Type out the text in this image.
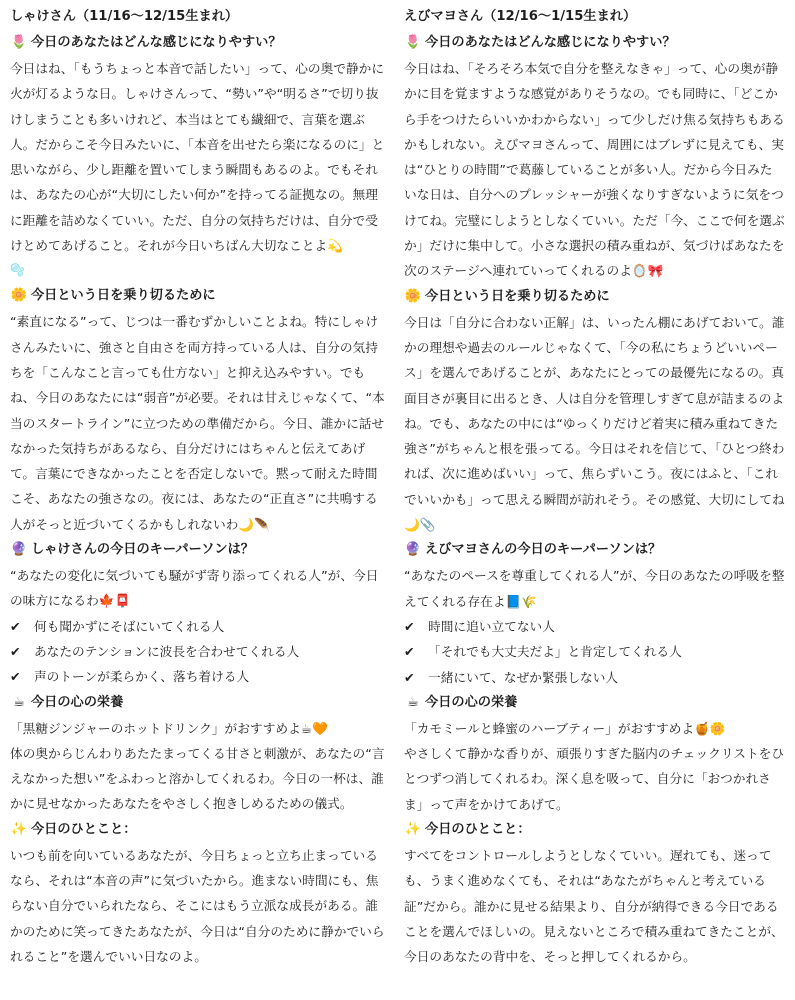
しゃけさん（11/16〜12/15生まれ）
🌷 今日のあなたはどんな感じになりやすい？

今日はね、「もうちょっと本音で話したい」って、心の奥で静かに火が灯るような日。しゃけさんって、“勢い”や“明るさ”で切り抜けしまうことも多いけれど、本当はとても繊細で、言葉を選ぶ人。だからこそ今日みたいに、「本音を出せたら楽になるのに」と思いながら、少し距離を置いてしまう瞬間もあるのよ。でもそれは、あなたの心が“大切にしたい何か”を持ってる証拠なの。無理に距離を詰めなくていい。ただ、自分の気持ちだけは、自分で受けとめてあげること。それが今日いちばん大切なことよ💫

🫧
🌼 今日という日を乗り切るために

“素直になる”って、じつは一番むずかしいことよね。特にしゃけさんみたいに、強さと自由さを両方持っている人は、自分の気持ちを「こんなこと言っても仕方ない」と抑え込みやすい。でもね、今日のあなたには“弱音”が必要。それは甘えじゃなくて、“本当のスタートライン”に立つための準備だから。今日、誰かに話せなかった気持ちがあるなら、自分だけにはちゃんと伝えてあげて。言葉にできなかったことを否定しないで。黙って耐えた時間こそ、あなたの強さなの。夜には、あなたの“正直さ”に共鳴する人がそっと近づいてくるかもしれないわ🌙🪶

🔮 しゃけさんの今日のキーパーソンは？

“あなたの変化に気づいても騒がず寄り添ってくれる人”が、今日の味方になるわ🍁📮

✔	何も聞かずにそばにいてくれる人
✔	あなたのテンションに波長を合わせてくれる人
✔	声のトーンが柔らかく、落ち着ける人
☕ 今日の心の栄養

「黒糖ジンジャーのホットドリンク」がおすすめよ☕🧡
体の奥からじんわりあたたまってくる甘さと刺激が、あなたの“言えなかった想い”をふわっと溶かしてくれるわ。今日の一杯は、誰かに見せなかったあなたをやさしく抱きしめるための儀式。

✨ 今日のひとこと：

いつも前を向いているあなたが、今日ちょっと立ち止まっているなら、それは“本音の声”に気づいたから。進まない時間にも、焦らない自分でいられたなら、そこにはもう立派な成長がある。誰かのために笑ってきたあなたが、今日は“自分のために静かでいられること”を選んでいい日なのよ。

えびマヨさん（12/16〜1/15生まれ）
🌷 今日のあなたはどんな感じになりやすい？

今日はね、「そろそろ本気で自分を整えなきゃ」って、心の奥が静かに目を覚ますような感覚がありそうなの。でも同時に、「どこから手をつけたらいいかわからない」って少しだけ焦る気持ちもあるかもしれない。えびマヨさんって、周囲にはブレずに見えても、実は“ひとりの時間”で葛藤していることが多い人。だから今日みたいな日は、自分へのプレッシャーが強くなりすぎないように気をつけてね。完璧にしようとしなくていい。ただ「今、ここで何を選ぶか」だけに集中して。小さな選択の積み重ねが、気づけばあなたを次のステージへ連れていってくれるのよ🪞🎀

🌼 今日という日を乗り切るために

今日は「自分に合わない正解」は、いったん棚にあげておいて。誰かの理想や過去のルールじゃなくて、「今の私にちょうどいいペース」を選んであげることが、あなたにとっての最優先になるの。真面目さが裏目に出るとき、人は自分を管理しすぎて息が詰まるのよね。でも、あなたの中には“ゆっくりだけど着実に積み重ねてきた強さ”がちゃんと根を張ってる。今日はそれを信じて、「ひとつ終われば、次に進めばいい」って、焦らずいこう。夜にはふと、「これでいいかも」って思える瞬間が訪れそう。その感覚、大切にしてね🌙📎

🔮 えびマヨさんの今日のキーパーソンは？

“あなたのペースを尊重してくれる人”が、今日のあなたの呼吸を整えてくれる存在よ📘🌾

✔	時間に追い立てない人
✔	「それでも大丈夫だよ」と肯定してくれる人
✔	一緒にいて、なぜか緊張しない人
☕ 今日の心の栄養

「カモミールと蜂蜜のハーブティー」がおすすめよ🍯🌼
やさしくて静かな香りが、頑張りすぎた脳内のチェックリストをひとつずつ消してくれるわ。深く息を吸って、自分に「おつかれさま」って声をかけてあげて。

✨ 今日のひとこと：

すべてをコントロールしようとしなくていい。遅れても、迷っても、うまく進めなくても、それは“あなたがちゃんと考えている証”だから。誰かに見せる結果より、自分が納得できる今日であることを選んでほしいの。見えないところで積み重ねてきたことが、今日のあなたの背中を、そっと押してくれるから。
